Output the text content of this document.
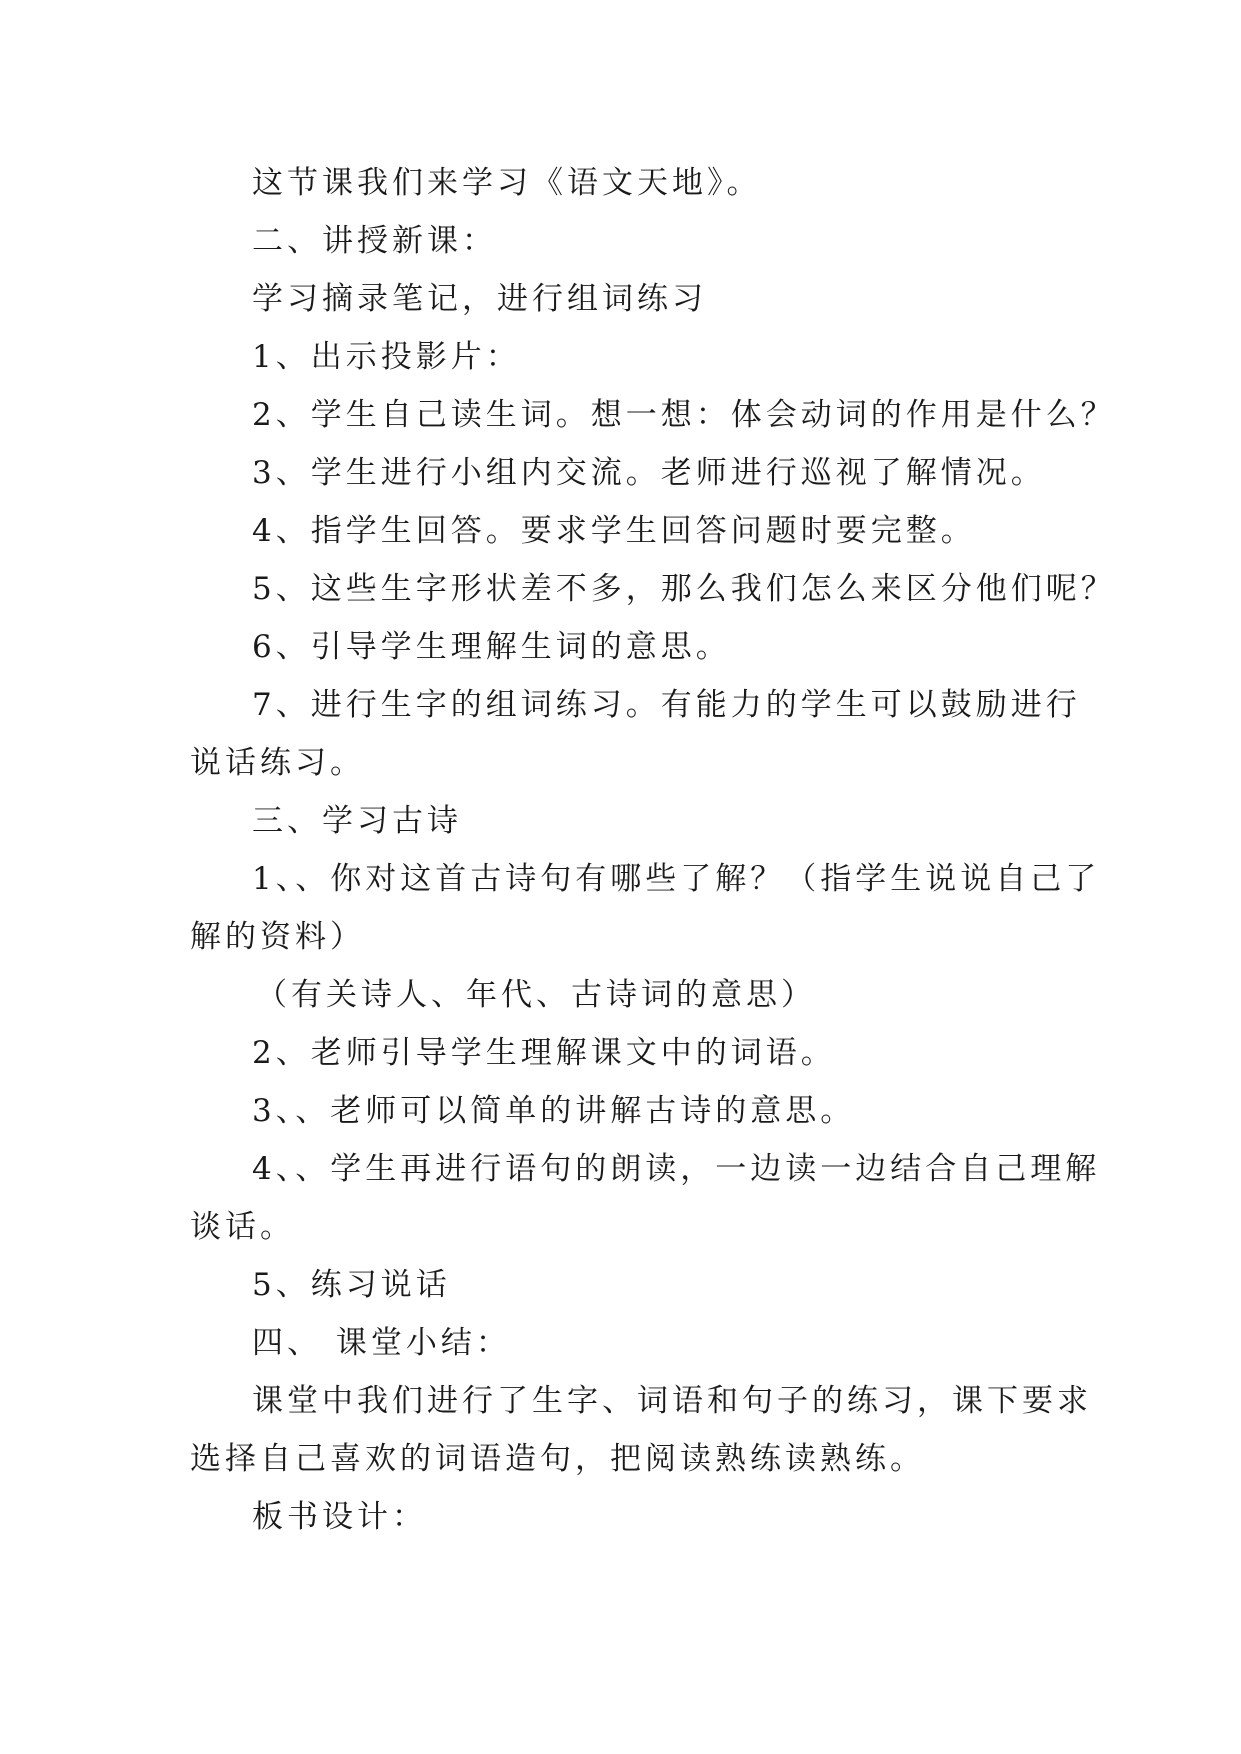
这节课我们来学习《语文天地》。
二、讲授新课：
学习摘录笔记，进行组词练习
1、出示投影片：
2、学生自己读生词。想一想：体会动词的作用是什么？
3、学生进行小组内交流。老师进行巡视了解情况。
4、指学生回答。要求学生回答问题时要完整。
5、这些生字形状差不多，那么我们怎么来区分他们呢？
6、引导学生理解生词的意思。
7、进行生字的组词练习。有能力的学生可以鼓励进行
说话练习。
三、学习古诗
1、、你对这首古诗句有哪些了解？（指学生说说自己了
解的资料）
（有关诗人、年代、古诗词的意思）
2、老师引导学生理解课文中的词语。
3、、老师可以简单的讲解古诗的意思。
4、、学生再进行语句的朗读，一边读一边结合自己理解
谈话。
5、练习说话
四、 课堂小结：
课堂中我们进行了生字、词语和句子的练习，课下要求
选择自己喜欢的词语造句，把阅读熟练读熟练。
板书设计：
